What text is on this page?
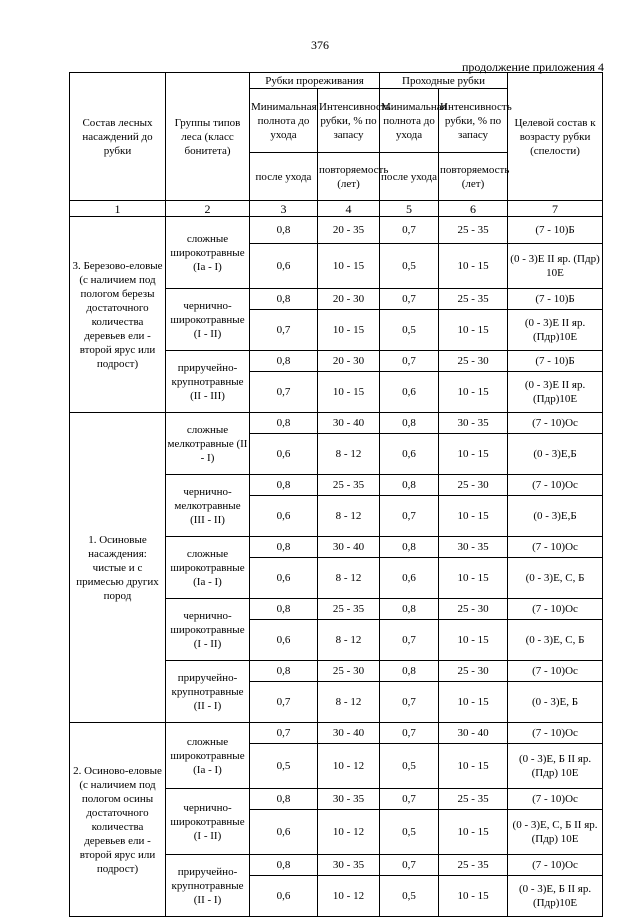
376
продолжение приложения 4
Состав лесных насаждений до рубки	Группы типов леса (класс бонитета)	Рубки прореживания		Проходные рубки		Целевой состав к возрасту рубки (спелости)
		Минимальная полнота до ухода	Интенсивность рубки, % по запасу	Минимальная полнота до ухода	Интенсивность рубки, % по запасу	
		после ухода	повторяемость (лет)	после ухода	повторяемость (лет)	
1	2	3	4	5	6	7
3. Березово-еловые (с наличием под пологом березы достаточного количества деревьев ели - второй ярус или подрост)	сложные широкотравные (Ia - I)	0,8	20 - 35	0,7	25 - 35	(7 - 10)Б
		0,6	10 - 15	0,5	10 - 15	(0 - 3)Е II яр. (Пдр) 10Е
	чернично-широкотравные (I - II)	0,8	20 - 30	0,7	25 - 35	(7 - 10)Б
		0,7	10 - 15	0,5	10 - 15	(0 - 3)Е II яр.(Пдр)10Е
	приручейно-крупнотравные (II - III)	0,8	20 - 30	0,7	25 - 30	(7 - 10)Б
		0,7	10 - 15	0,6	10 - 15	(0 - 3)Е II яр.(Пдр)10Е
1. Осиновые насаждения: чистые и с примесью других пород	сложные мелкотравные (II - I)	0,8	30 - 40	0,8	30 - 35	(7 - 10)Ос
		0,6	8 - 12	0,6	10 - 15	(0 - 3)Е,Б
	чернично-мелкотравные (III - II)	0,8	25 - 35	0,8	25 - 30	(7 - 10)Ос
		0,6	8 - 12	0,7	10 - 15	(0 - 3)Е,Б
	сложные широкотравные (Ia - I)	0,8	30 - 40	0,8	30 - 35	(7 - 10)Ос
		0,6	8 - 12	0,6	10 - 15	(0 - 3)Е, С, Б
	чернично-широкотравные (I - II)	0,8	25 - 35	0,8	25 - 30	(7 - 10)Ос
		0,6	8 - 12	0,7	10 - 15	(0 - 3)Е, С, Б
	приручейно-крупнотравные (II - I)	0,8	25 - 30	0,8	25 - 30	(7 - 10)Ос
		0,7	8 - 12	0,7	10 - 15	(0 - 3)Е, Б
2. Осиново-еловые (с наличием под пологом осины достаточного количества деревьев ели - второй ярус или подрост)	сложные широкотравные (Ia - I)	0,7	30 - 40	0,7	30 - 40	(7 - 10)Ос
		0,5	10 - 12	0,5	10 - 15	(0 - 3)Е, Б II яр. (Пдр) 10Е
	чернично-широкотравные (I - II)	0,8	30 - 35	0,7	25 - 35	(7 - 10)Ос
		0,6	10 - 12	0,5	10 - 15	(0 - 3)Е, С, Б II яр. (Пдр) 10Е
	приручейно-крупнотравные (II - I)	0,8	30 - 35	0,7	25 - 35	(7 - 10)Ос
		0,6	10 - 12	0,5	10 - 15	(0 - 3)Е, Б II яр.(Пдр)10Е
